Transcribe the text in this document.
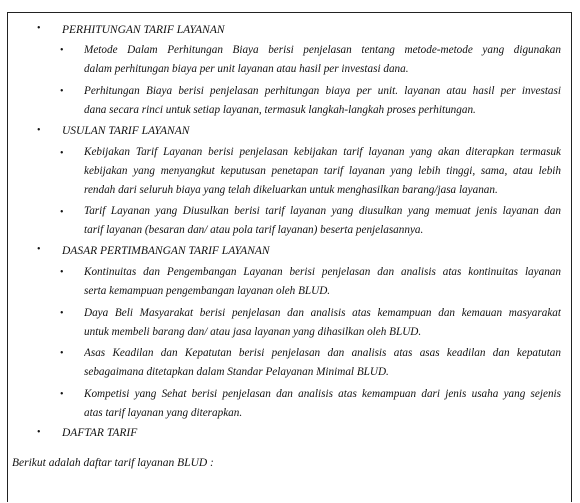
• PERHITUNGAN TARIF LAYANAN
• Metode Dalam Perhitungan Biaya berisi penjelasan tentang metode-metode yang digunakan
dalam perhitungan biaya per unit layanan atau hasil per investasi dana.
• Perhitungan Biaya berisi penjelasan perhitungan biaya per unit. layanan atau hasil per investasi
dana secara rinci untuk setiap layanan, termasuk langkah-langkah proses perhitungan.
• USULAN TARIF LAYANAN
• Kebijakan Tarif Layanan berisi penjelasan kebijakan tarif layanan yang akan diterapkan termasuk
kebijakan yang menyangkut keputusan penetapan tarif layanan yang lebih tinggi, sama, atau lebih
rendah dari seluruh biaya yang telah dikeluarkan untuk menghasilkan barang/jasa layanan.
• Tarif Layanan yang Diusulkan berisi tarif layanan yang diusulkan yang memuat jenis layanan dan
tarif layanan (besaran dan/ atau pola tarif layanan) beserta penjelasannya.
• DASAR PERTIMBANGAN TARIF LAYANAN
• Kontinuitas dan Pengembangan Layanan berisi penjelasan dan analisis atas kontinuitas layanan
serta kemampuan pengembangan layanan oleh BLUD.
• Daya Beli Masyarakat berisi penjelasan dan analisis atas kemampuan dan kemauan masyarakat
untuk membeli barang dan/ atau jasa layanan yang dihasilkan oleh BLUD.
• Asas Keadilan dan Kepatutan berisi penjelasan dan analisis atas asas keadilan dan kepatutan
sebagaimana ditetapkan dalam Standar Pelayanan Minimal BLUD.
• Kompetisi yang Sehat berisi penjelasan dan analisis atas kemampuan dari jenis usaha yang sejenis
atas tarif layanan yang diterapkan.
• DAFTAR TARIF
Berikut adalah daftar tarif layanan BLUD :
